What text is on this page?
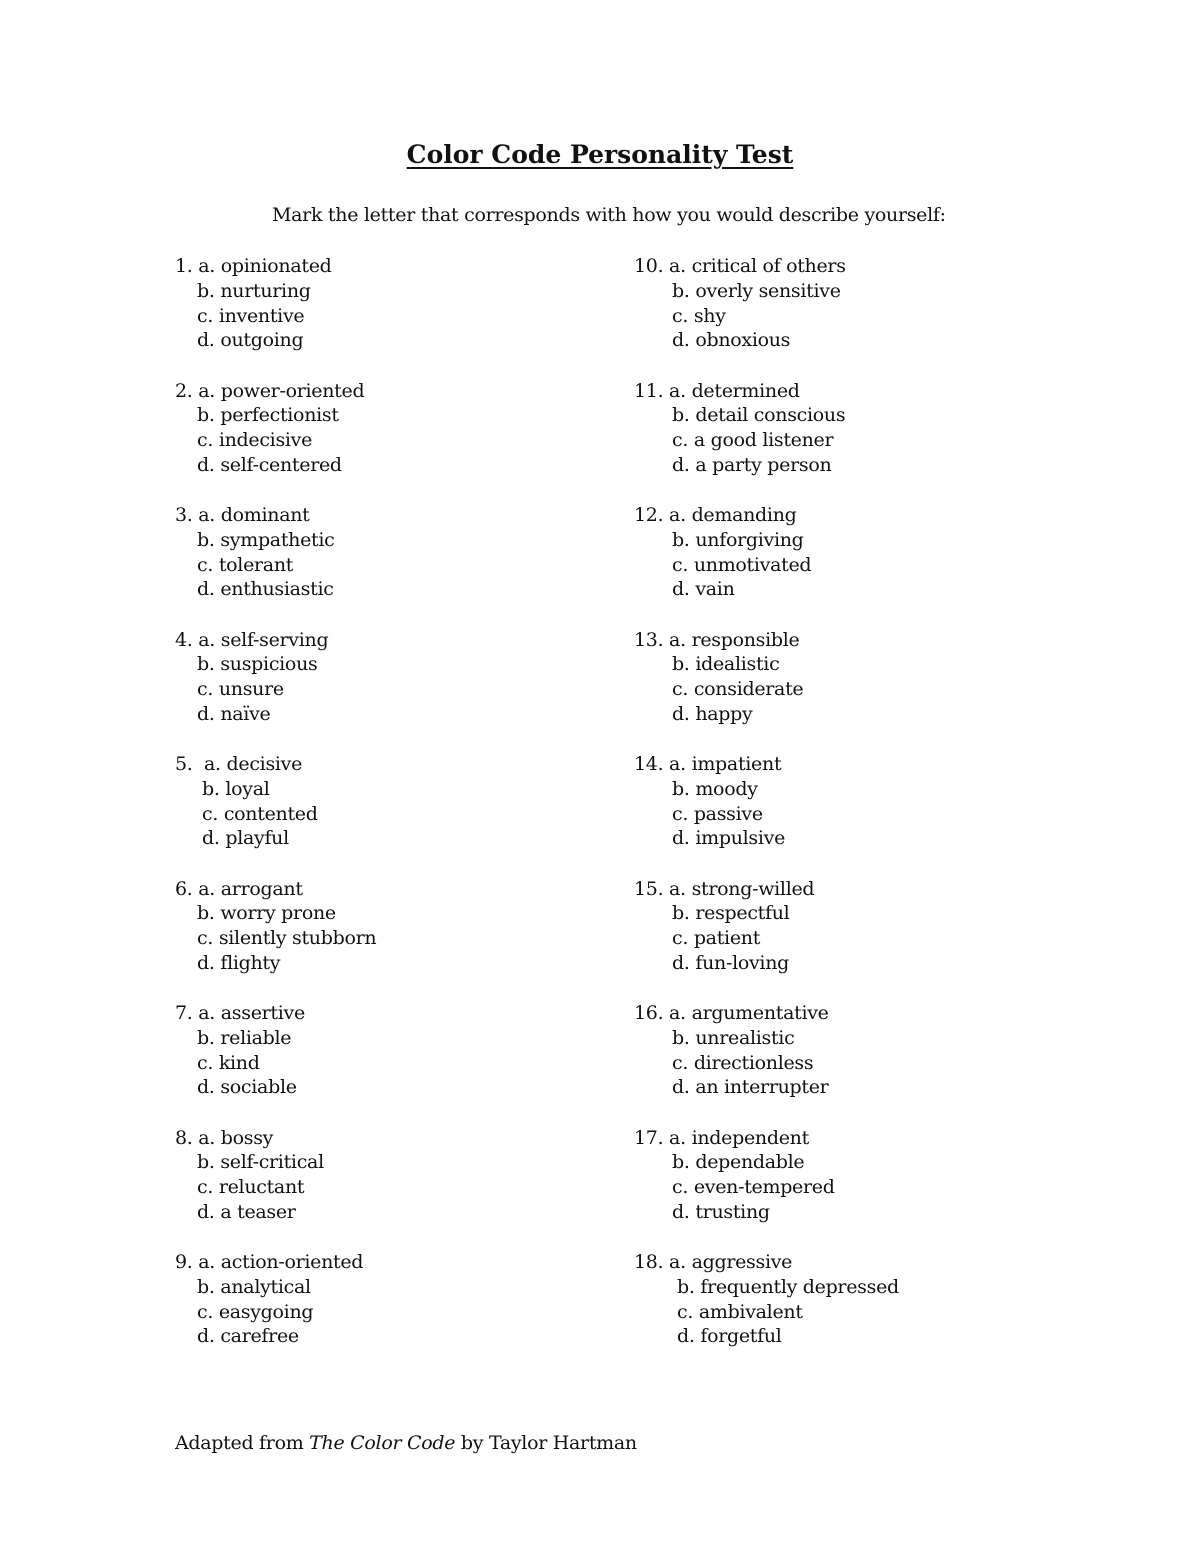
Color Code Personality Test

Mark the letter that corresponds with how you would describe yourself:

1. a. opinionated
b. nurturing
c. inventive
d. outgoing
2. a. power-oriented
b. perfectionist
c. indecisive
d. self-centered
3. a. dominant
b. sympathetic
c. tolerant
d. enthusiastic
4. a. self-serving
b. suspicious
c. unsure
d. naïve
5.  a. decisive
b. loyal
c. contented
d. playful
6. a. arrogant
b. worry prone
c. silently stubborn
d. flighty
7. a. assertive
b. reliable
c. kind
d. sociable
8. a. bossy
b. self-critical
c. reluctant
d. a teaser
9. a. action-oriented
b. analytical
c. easygoing
d. carefree
10. a. critical of others
b. overly sensitive
c. shy
d. obnoxious
11. a. determined
b. detail conscious
c. a good listener
d. a party person
12. a. demanding
b. unforgiving
c. unmotivated
d. vain
13. a. responsible
b. idealistic
c. considerate
d. happy
14. a. impatient
b. moody
c. passive
d. impulsive
15. a. strong-willed
b. respectful
c. patient
d. fun-loving
16. a. argumentative
b. unrealistic
c. directionless
d. an interrupter
17. a. independent
b. dependable
c. even-tempered
d. trusting
18. a. aggressive
b. frequently depressed
c. ambivalent
d. forgetful

Adapted from The Color Code by Taylor Hartman
